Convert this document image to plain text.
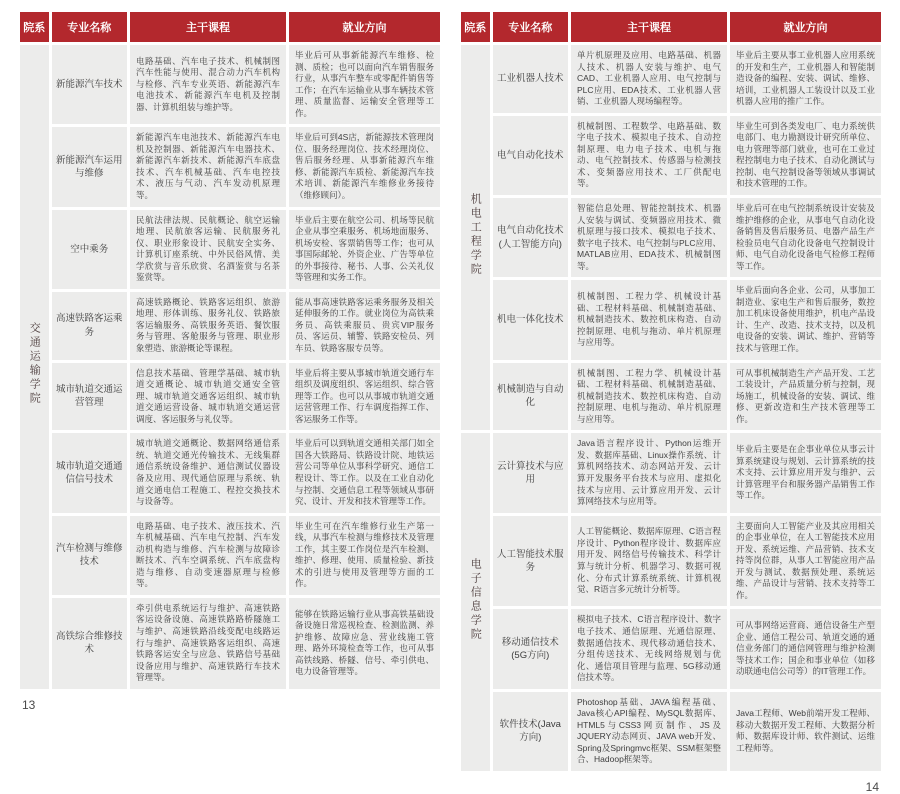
院系	专业名称	主干课程	就业方向
交通运输学院	新能源汽车技术	电路基础、汽车电子技术、机械制图汽车性能与使用、混合动力汽车机构与检修、汽车专业英语、新能源汽车电池技术、新能源汽车电机及控制器、计算机组装与维护等。	毕业后可从事新能源汽车维修、检测、质检；也可以面向汽车销售服务行业，从事汽车整车或零配件销售等工作；在汽车运输业从事车辆技术管理、质量监督、运输安全管理等工作。
	新能源汽车运用与维修	新能源汽车电池技术、新能源汽车电机及控制器、新能源汽车电器技术、新能源汽车新技术、新能源汽车底盘技术、汽车机械基础、汽车电控技术、液压与气动、汽车发动机原理等。	毕业后可到4S店，新能源技术管理岗位、服务经理岗位、技术经理岗位、售后服务经理、从事新能源汽车维修、新能源汽车质检、新能源汽车技术培训、新能源汽车维修业务接待（维修顾问）。
	空中乘务	民航法律法规、民航概论、航空运输地理、民航旅客运输、民航服务礼仪、职业形象设计、民航安全实务、计算机订座系统、中外民俗风情、美学欣赏与音乐欣赏、名酒鉴赏与名茶鉴赏等。	毕业后主要在航空公司、机场等民航企业从事空乘服务、机场地面服务、机场安检、客票销售等工作；也可从事国际邮轮、外资企业、广告等单位的外事接待、秘书、人事、公关礼仪等管理和实务工作。
	高速铁路客运乘务	高速铁路概论、铁路客运组织、旅游地理、形体训练、服务礼仪、铁路旅客运输服务、高铁服务英语、餐饮服务与管理、客舱服务与管理、职业形象塑造、旅游概论等课程。	能从事高速铁路客运乘务服务及相关延伸服务的工作。就业岗位为高铁乘务员、高铁乘服员、贵宾VIP服务员、客运员、辅警、铁路安检员、列车员、铁路客服专员等。
	城市轨道交通运营管理	信息技术基础、管理学基础、城市轨道交通概论、城市轨道交通安全管理、城市轨道交通客运组织、城市轨道交通运营设备、城市轨道交通运营调度、客运服务与礼仪等。	毕业后将主要从事城市轨道交通行车组织及调度组织、客运组织、综合管理等工作。也可以从事城市轨道交通运营管理工作、行车调度指挥工作、客运服务工作等。
	城市轨道交通通信信号技术	城市轨道交通概论、数据网络通信系统、轨道交通光传输技术、无线集群通信系统设备维护、通信测试仪器设备及应用、现代通信原理与系统、轨道交通电信工程施工、程控交换技术与设备等。	毕业后可以到轨道交通相关部门如全国各大铁路局、铁路设计院、地铁运营公司等单位从事科学研究、通信工程设计、等工作。以及在工业自动化与控制、交通信息工程等领域从事研究、设计、开发和技术管理等工作。
	汽车检测与维修技术	电路基础、电子技术、液压技术、汽车机械基础、汽车电气控制、汽车发动机构造与维修、汽车检测与故障诊断技术、汽车空调系统、汽车底盘构造与维修、自动变速器原理与检修等。	毕业生可在汽车维修行业生产第一线，从事汽车检测与维修技术及管理工作，其主要工作岗位是汽车检测、维护、修理、使用、质量检验、新技术的引进与使用及管理等方面的工作。
	高铁综合维修技术	牵引供电系统运行与维护、高速铁路客运设备设施、高速铁路路桥隧施工与维护、高速铁路沿线变配电线路运行与维护、高速铁路客运组织、高速铁路客运安全与应急、铁路信号基础设备应用与维护、高速铁路行车技术管理等。	能够在铁路运输行业从事高铁基础设备设施日常巡视检查、检测监测、养护维修、故障应急、营业线施工管理、路外环境检查等工作，也可从事高铁线路、桥隧、信号、牵引供电、电力设备管理等。
13
院系	专业名称	主干课程	就业方向
机电工程学院	工业机器人技术	单片机原理及应用、电路基础、机器人技术、机器人安装与维护、电气CAD、工业机器人应用、电气控制与PLC应用、EDA技术、工业机器人营销、工业机器人现场编程等。	毕业后主要从事工业机器人应用系统的开发和生产，工业机器人和智能制造设备的编程、安装、调试、维修、培训，工业机器人工装设计以及工业机器人应用的推广工作。
	电气自动化技术	机械制图、工程数学、电路基础、数字电子技术、模拟电子技术、自动控制原理、电力电子技术、电机与拖动、电气控制技术、传感器与检测技术、变频器应用技术、工厂供配电等。	毕业生可到各类发电厂、电力系统供电部门、电力勘测设计研究所单位、电力管理等部门就业，也可在工业过程控制电力电子技术、自动化测试与控制、电气控制设备等领域从事调试和技术管理的工作。
	电气自动化技术(人工智能方向)	智能信息处理、智能控制技术、机器人安装与调试、变频器应用技术、微机原理与接口技术、模拟电子技术、数字电子技术、电气控制与PLC应用、MATLAB应用、EDA技术、机械制图等。	毕业后可在电气控制系统设计安装及维护维修的企业，从事电气自动化设备销售及售后服务员、电器产品生产检验员电气自动化设备电气控制设计师、电气自动化设备电气检修工程师等工作。
	机电一体化技术	机械制图、工程力学、机械设计基础、工程材料基础、机械制造基础、机械制造技术、数控机床构造、自动控制原理、电机与拖动、单片机原理与应用等。	毕业后面向各企业、公司，从事加工制造业、家电生产和售后服务，数控加工机床设备使用维护，机电产品设计、生产、改造、技术支持，以及机电设备的安装、调试、维护、营销等技术与管理工作。
	机械制造与自动化	机械制图、工程力学、机械设计基础、工程材料基础、机械制造基础、机械制造技术、数控机床构造、自动控制原理、电机与拖动、单片机原理与应用等。	可从事机械制造生产产品开发、工艺工装设计，产品质量分析与控制，现场施工，机械设备的安装、调试、维修、更新改造和生产技术管理等工作。
电子信息学院	云计算技术与应用	Java语言程序设计、Python运维开发、数据库基础、Linux操作系统、计算机网络技术、动态网站开发、云计算开发服务平台技术与应用、虚拟化技术与应用、云计算应用开发、云计算网络技术与应用等。	毕业后主要是在企事业单位从事云计算系统建设与规划、云计算系统的技术支持、云计算应用开发与维护、云计算管理平台和服务器产品销售工作等工作。
	人工智能技术服务	人工智能概论、数据库原理、C语言程序设计、Python程序设计、数据库应用开发、网络信号传输技术、科学计算与统计分析、机器学习、数据可视化、分布式计算系统系统、计算机视觉、R语言多元统计分析等。	主要面向人工智能产业及其应用相关的企事业单位，在人工智能技术应用开发、系统运维、产品营销、技术支持等岗位群，从事人工智能应用产品开发与测试、数据预处理、系统运维、产品设计与营销、技术支持等工作。
	移动通信技术(5G方向)	模拟电子技术、C语言程序设计、数字电子技术、通信原理、光通信原理、数据通信技术、现代移动通信技术、分组传送技术、无线网络规划与优化、通信项目管理与监理、5G移动通信技术等。	可从事网络运营商、通信设备生产型企业、通信工程公司、轨道交通的通信业务部门的通信网管理与维护检测等技术工作；国企和事业单位（如移动联通电信公司等）的IT管理工作。
	软件技术(Java方向)	Photoshop基础、JAVA编程基础、Java核心API编程、MySQL数据库、HTML5与CSS3网页制作、JS及JQUERY动态网页、JAVA web开发、Spring及Springmvc框架、SSM框架整合、Hadoop框架等。	Java工程师、Web前端开发工程师、移动大数据开发工程师、大数据分析师、数据库设计师、软件测试、运维工程师等。
14
